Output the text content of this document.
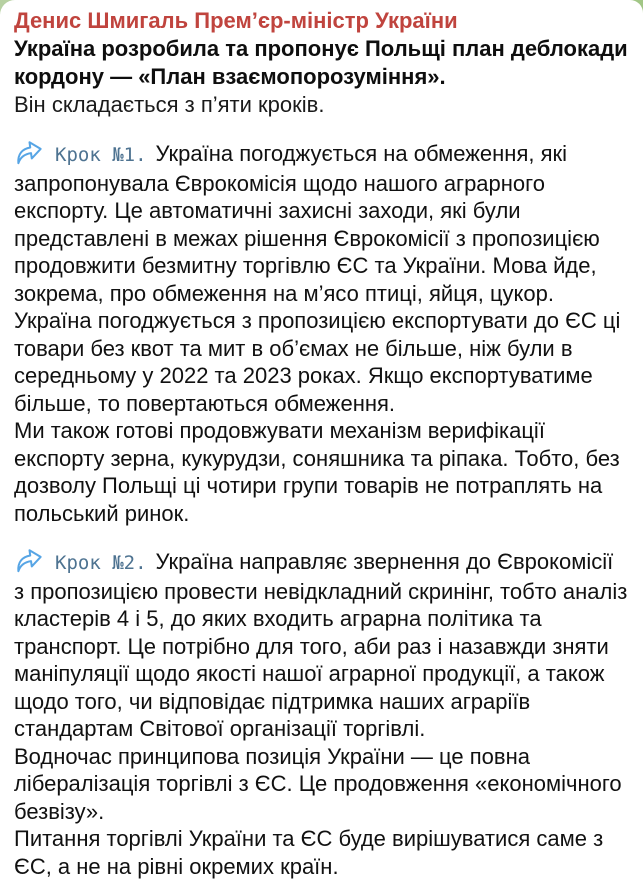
Денис Шмигаль Прем’єр-міністр України
Україна розробила та пропонує Польщі план деблокади кордону — «План взаємопорозуміння».
Він складається з п’яти кроків.

Крок №1. Україна погоджується на обмеження, які запропонувала Єврокомісія щодо нашого аграрного експорту. Це автоматичні захисні заходи, які були представлені в межах рішення Єврокомісії з пропозицією продовжити безмитну торгівлю ЄС та України. Мова йде, зокрема, про обмеження на м’ясо птиці, яйця, цукор.

Україна погоджується з пропозицією експортувати до ЄС ці товари без квот та мит в об’ємах не більше, ніж були в середньому у 2022 та 2023 роках. Якщо експортуватиме більше, то повертаються обмеження.

Ми також готові продовжувати механізм верифікації експорту зерна, кукурудзи, соняшника та ріпака. Тобто, без дозволу Польщі ці чотири групи товарів не потраплять на польський ринок.

Крок №2. Україна направляє звернення до Єврокомісії з пропозицією провести невідкладний скринінг, тобто аналіз кластерів 4 і 5, до яких входить аграрна політика та транспорт. Це потрібно для того, аби раз і назавжди зняти маніпуляції щодо якості нашої аграрної продукції, а також щодо того, чи відповідає підтримка наших аграріїв стандартам Світової організації торгівлі.

Водночас принципова позиція України — це повна лібералізація торгівлі з ЄС. Це продовження «економічного безвізу».

Питання торгівлі України та ЄС буде вирішуватися саме з ЄС, а не на рівні окремих країн.
